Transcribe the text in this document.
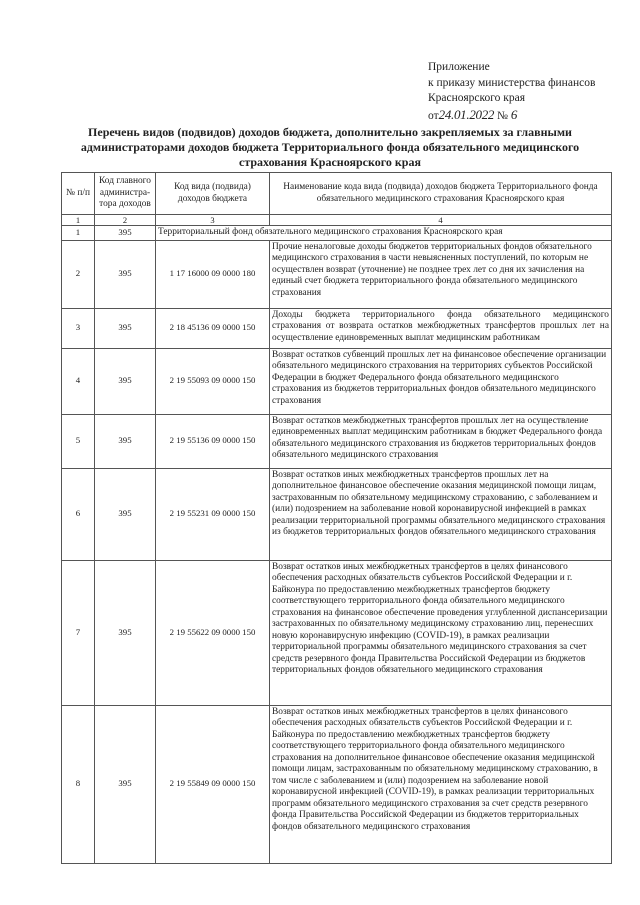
Приложение
к приказу министерства финансов
Красноярского края
от24.01.2022 № 6
Перечень видов (подвидов) доходов бюджета, дополнительно закрепляемых за главными администраторами доходов бюджета Территориального фонда обязательного медицинского страхования Красноярского края
№ п/п	Код главного администра-тора доходов	Код вида (подвида) доходов бюджета	Наименование кода вида (подвида) доходов бюджета Территориального фонда обязательного медицинского страхования Красноярского края
1	2	3	4
1	395	Территориальный фонд обязательного медицинского страхования Красноярского края	
2	395	1 17 16000 09 0000 180	Прочие неналоговые доходы бюджетов территориальных фондов обязательного медицинского страхования в части невыясненных поступлений, по которым не осуществлен возврат (уточнение) не позднее трех лет со дня их зачисления на единый счет бюджета территориального фонда обязательного медицинского страхования
3	395	2 18 45136 09 0000 150	Доходы бюджета территориального фонда обязательного медицинского страхования от возврата остатков межбюджетных трансфертов прошлых лет на осуществление единовременных выплат медицинским работникам
4	395	2 19 55093 09 0000 150	Возврат остатков субвенций прошлых лет на финансовое обеспечение организации обязательного медицинского страхования на территориях субъектов Российской Федерации в бюджет Федерального фонда обязательного медицинского страхования из бюджетов территориальных фондов обязательного медицинского страхования
5	395	2 19 55136 09 0000 150	Возврат остатков межбюджетных трансфертов прошлых лет на осуществление единовременных выплат медицинским работникам в бюджет Федерального фонда обязательного медицинского страхования из бюджетов территориальных фондов обязательного медицинского страхования
6	395	2 19 55231 09 0000 150	Возврат остатков иных межбюджетных трансфертов прошлых лет на дополнительное финансовое обеспечение оказания медицинской помощи лицам, застрахованным по обязательному медицинскому страхованию, с заболеванием и (или) подозрением на заболевание новой коронавирусной инфекцией в рамках реализации территориальной программы обязательного медицинского страхования из бюджетов территориальных фондов обязательного медицинского страхования
7	395	2 19 55622 09 0000 150	Возврат остатков иных межбюджетных трансфертов в целях финансового обеспечения расходных обязательств субъектов Российской Федерации и г. Байконура по предоставлению межбюджетных трансфертов бюджету соответствующего территориального фонда обязательного медицинского страхования на финансовое обеспечение проведения углубленной диспансеризации застрахованных по обязательному медицинскому страхованию лиц, перенесших новую коронавирусную инфекцию (COVID-19), в рамках реализации территориальной программы обязательного медицинского страхования за счет средств резервного фонда Правительства Российской Федерации из бюджетов территориальных фондов обязательного медицинского страхования
8	395	2 19 55849 09 0000 150	Возврат остатков иных межбюджетных трансфертов в целях финансового обеспечения расходных обязательств субъектов Российской Федерации и г. Байконура по предоставлению межбюджетных трансфертов бюджету соответствующего территориального фонда обязательного медицинского страхования на дополнительное финансовое обеспечение оказания медицинской помощи лицам, застрахованным по обязательному медицинскому страхованию, в том числе с заболеванием и (или) подозрением на заболевание новой коронавирусной инфекцией (COVID-19), в рамках реализации территориальных программ обязательного медицинского страхования за счет средств резервного фонда Правительства Российской Федерации из бюджетов территориальных фондов обязательного медицинского страхования
